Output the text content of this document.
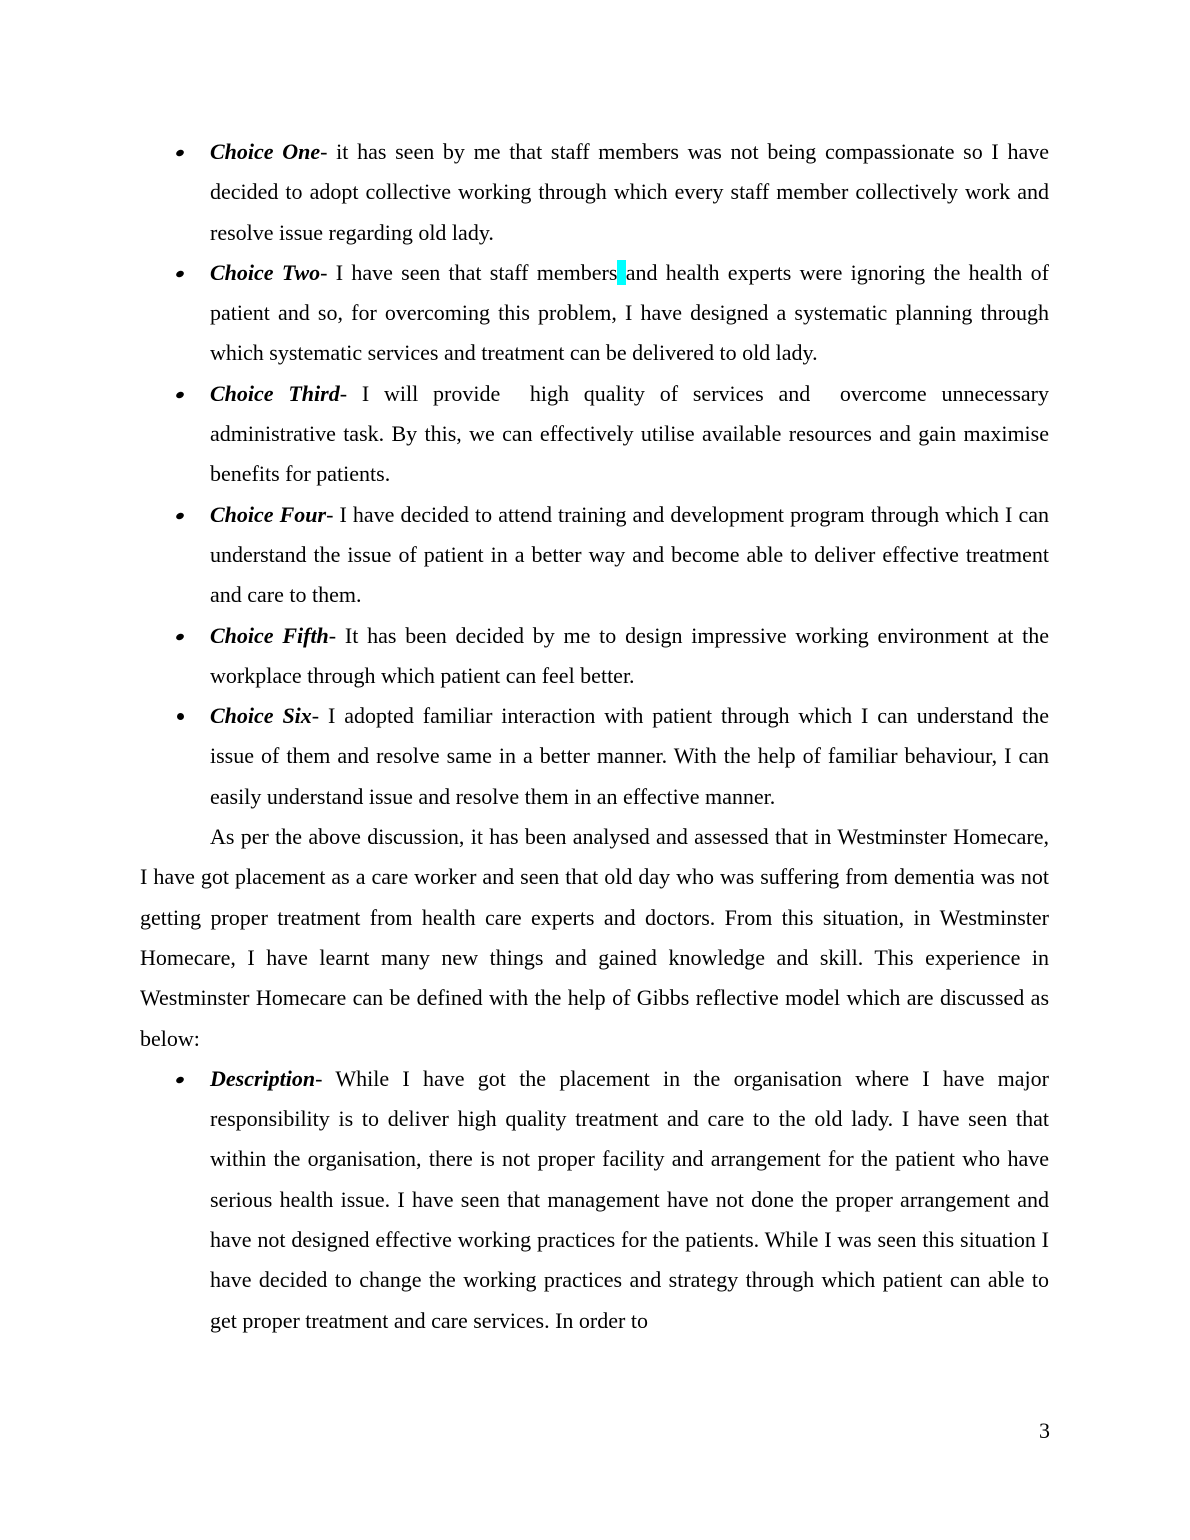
Choice One- it has seen by me that staff members was not being compassionate so I have decided to adopt collective working through which every staff member collectively work and resolve issue regarding old lady.
Choice Two- I have seen that staff members and health experts were ignoring the health of patient and so, for overcoming this problem, I have designed a systematic planning through which systematic services and treatment can be delivered to old lady.
Choice Third- I will provide  high quality of services and  overcome unnecessary administrative task. By this, we can effectively utilise available resources and gain maximise benefits for patients.
Choice Four- I have decided to attend training and development program through which I can understand the issue of patient in a better way and become able to deliver effective treatment and care to them.
Choice Fifth- It has been decided by me to design impressive working environment at the workplace through which patient can feel better.
Choice Six- I adopted familiar interaction with patient through which I can understand the issue of them and resolve same in a better manner. With the help of familiar behaviour, I can easily understand issue and resolve them in an effective manner.
As per the above discussion, it has been analysed and assessed that in Westminster Homecare, I have got placement as a care worker and seen that old day who was suffering from dementia was not getting proper treatment from health care experts and doctors. From this situation, in Westminster Homecare, I have learnt many new things and gained knowledge and skill. This experience in Westminster Homecare can be defined with the help of Gibbs reflective model which are discussed as below:
Description- While I have got the placement in the organisation where I have major responsibility is to deliver high quality treatment and care to the old lady. I have seen that within the organisation, there is not proper facility and arrangement for the patient who have serious health issue. I have seen that management have not done the proper arrangement and have not designed effective working practices for the patients. While I was seen this situation I have decided to change the working practices and strategy through which patient can able to get proper treatment and care services. In order to
3
